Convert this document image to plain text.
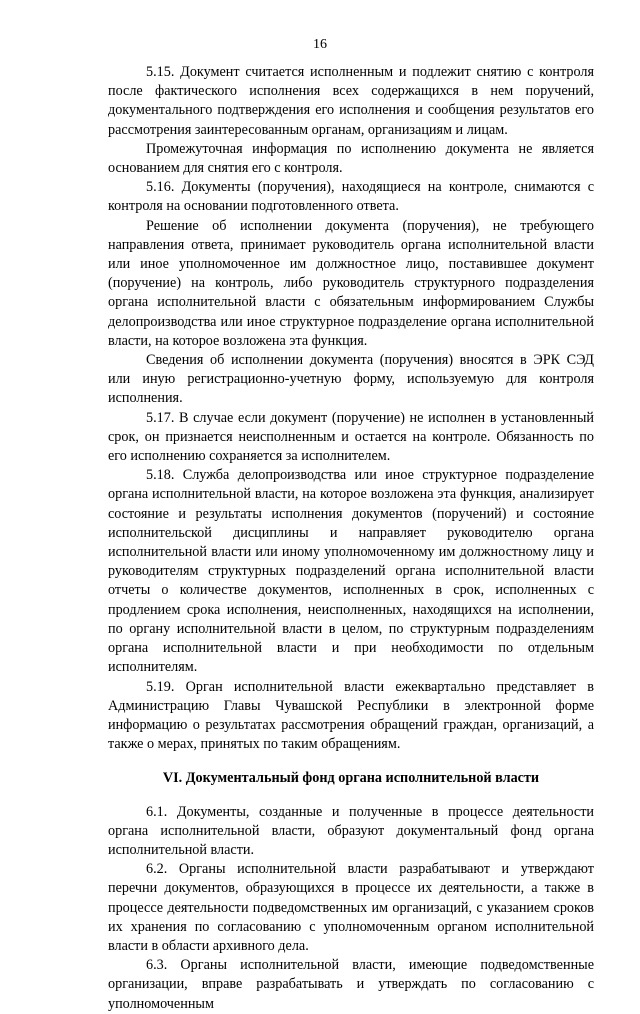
16

5.15. Документ считается исполненным и подлежит снятию с контроля после фактического исполнения всех содержащихся в нем поручений, документального подтверждения его исполнения и сообщения результатов его рассмотрения заинтересованным органам, организациям и лицам.

Промежуточная информация по исполнению документа не является основанием для снятия его с контроля.

5.16. Документы (поручения), находящиеся на контроле, снимаются с контроля на основании подготовленного ответа.

Решение об исполнении документа (поручения), не требующего направления ответа, принимает руководитель органа исполнительной власти или иное уполномоченное им должностное лицо, поставившее документ (поручение) на контроль, либо руководитель структурного подразделения органа исполнительной власти с обязательным информированием Службы делопроизводства или иное структурное подразделение органа исполнительной власти, на которое возложена эта функция.

Сведения об исполнении документа (поручения) вносятся в ЭРК СЭД или иную регистрационно-учетную форму, используемую для контроля исполнения.

5.17. В случае если документ (поручение) не исполнен в установленный срок, он признается неисполненным и остается на контроле. Обязанность по его исполнению сохраняется за исполнителем.

5.18. Служба делопроизводства или иное структурное подразделение органа исполнительной власти, на которое возложена эта функция, анализирует состояние и результаты исполнения документов (поручений) и состояние исполнительской дисциплины и направляет руководителю органа исполнительной власти или иному уполномоченному им должностному лицу и руководителям структурных подразделений органа исполнительной власти отчеты о количестве документов, исполненных в срок, исполненных с продлением срока исполнения, неисполненных, находящихся на исполнении, по органу исполнительной власти в целом, по структурным подразделениям органа исполнительной власти и при необходимости по отдельным исполнителям.

5.19. Орган исполнительной власти ежеквартально представляет в Администрацию Главы Чувашской Республики в электронной форме информацию о результатах рассмотрения обращений граждан, организаций, а также о мерах, принятых по таким обращениям.

VI. Документальный фонд органа исполнительной власти

6.1. Документы, созданные и полученные в процессе деятельности органа исполнительной власти, образуют документальный фонд органа исполнительной власти.

6.2. Органы исполнительной власти разрабатывают и утверждают перечни документов, образующихся в процессе их деятельности, а также в процессе деятельности подведомственных им организаций, с указанием сроков их хранения по согласованию с уполномоченным органом исполнительной власти в области архивного дела.

6.3. Органы исполнительной власти, имеющие подведомственные организации, вправе разрабатывать и утверждать по согласованию с уполномоченным
